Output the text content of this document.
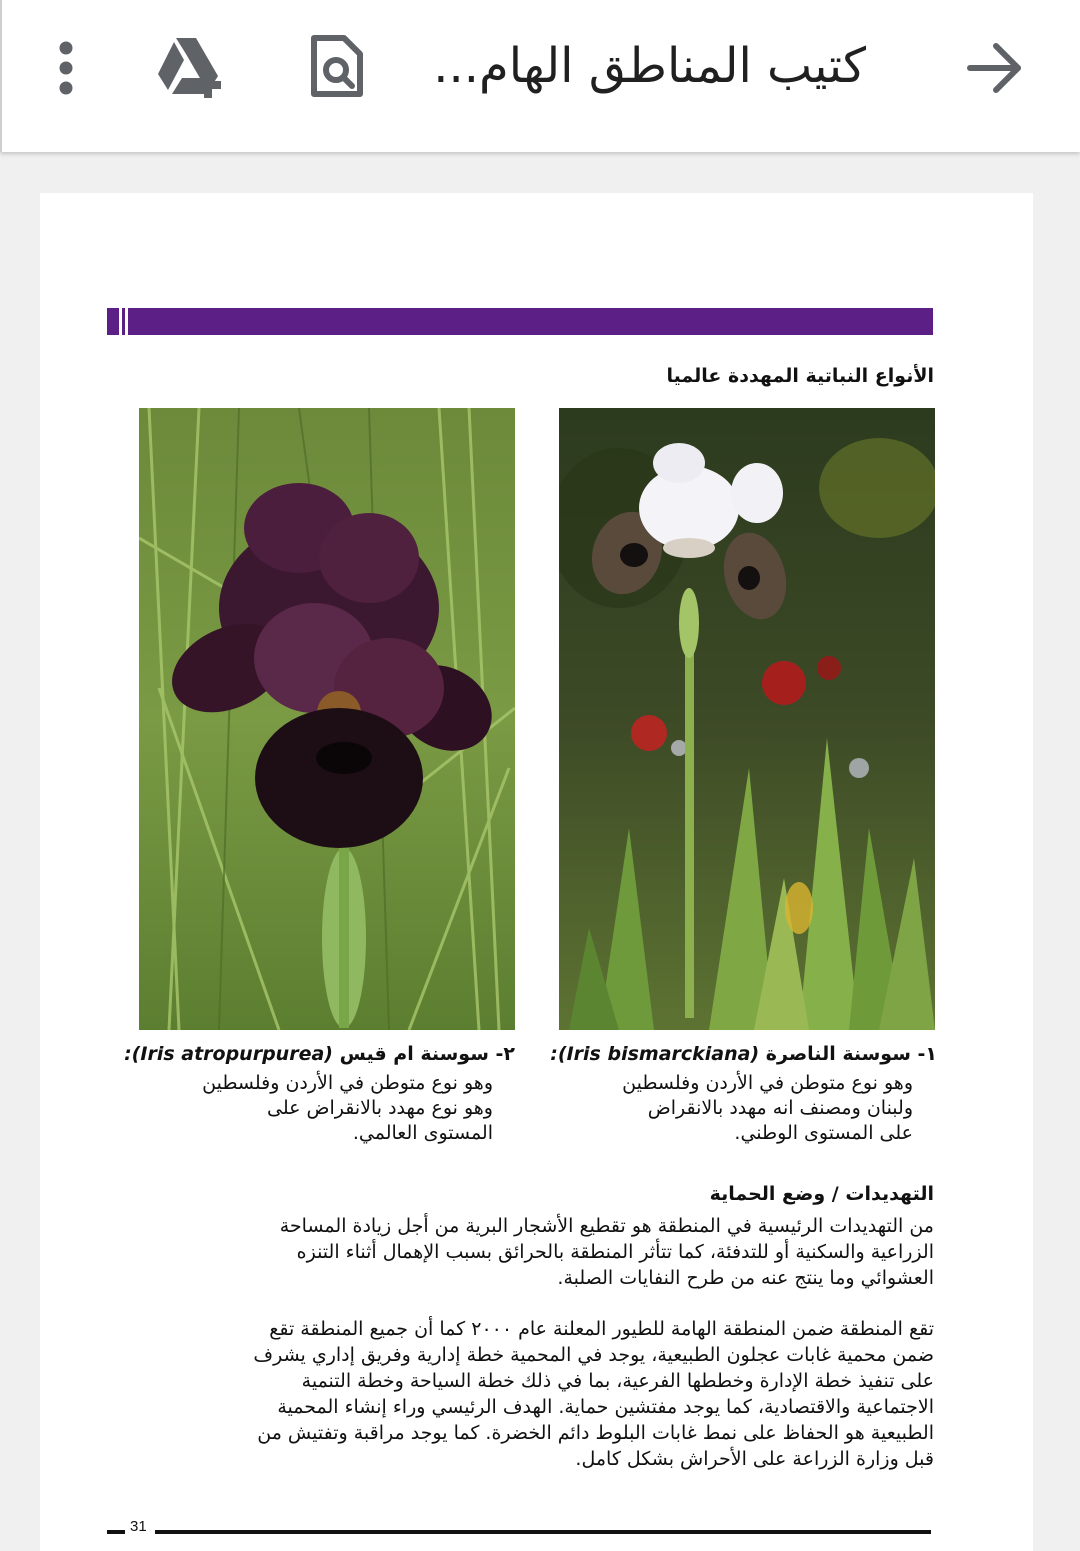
كتيب المناطق الهام...
الأنواع النباتية المهددة عالميا
١- سوسنة الناصرة (Iris bismarckiana):
وهو نوع متوطن في الأردن وفلسطين
ولبنان ومصنف انه مهدد بالانقراض
على المستوى الوطني.
٢- سوسنة ام قيس (Iris atropurpurea):
وهو نوع متوطن في الأردن وفلسطين
وهو نوع مهدد بالانقراض على
المستوى العالمي.
التهديدات / وضع الحماية
من التهديدات الرئيسية في المنطقة هو تقطيع الأشجار البرية من أجل زيادة المساحة
الزراعية والسكنية أو للتدفئة، كما تتأثر المنطقة بالحرائق بسبب الإهمال أثناء التنزه
العشوائي وما ينتج عنه من طرح النفايات الصلبة.
تقع المنطقة ضمن المنطقة الهامة للطيور المعلنة عام ٢٠٠٠ كما أن جميع المنطقة تقع
ضمن محمية غابات عجلون الطبيعية، يوجد في المحمية خطة إدارية وفريق إداري يشرف
على تنفيذ خطة الإدارة وخططها الفرعية، بما في ذلك خطة السياحة وخطة التنمية
الاجتماعية والاقتصادية، كما يوجد مفتشين حماية. الهدف الرئيسي وراء إنشاء المحمية
الطبيعية هو الحفاظ على نمط غابات البلوط دائم الخضرة. كما يوجد مراقبة وتفتيش من
قبل وزارة الزراعة على الأحراش بشكل كامل.
31
